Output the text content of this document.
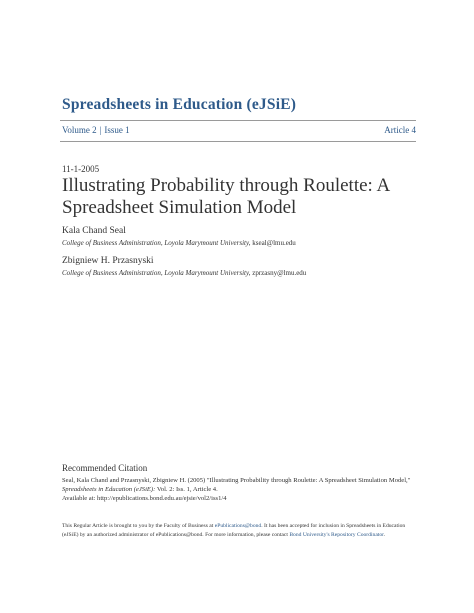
Spreadsheets in Education (eJSiE)
Volume 2 | Issue 1	Article 4
11-1-2005
Illustrating Probability through Roulette: A Spreadsheet Simulation Model
Kala Chand Seal
College of Business Administration, Loyola Marymount University, kseal@lmu.edu
Zbigniew H. Przasnyski
College of Business Administration, Loyola Marymount University, zprzasny@lmu.edu
Recommended Citation
Seal, Kala Chand and Przasnyski, Zbigniew H. (2005) "Illustrating Probability through Roulette: A Spreadsheet Simulation Model," Spreadsheets in Education (eJSiE): Vol. 2: Iss. 1, Article 4.
Available at: http://epublications.bond.edu.au/ejsie/vol2/iss1/4
This Regular Article is brought to you by the Faculty of Business at ePublications@bond. It has been accepted for inclusion in Spreadsheets in Education (eJSiE) by an authorized administrator of ePublications@bond. For more information, please contact Bond University's Repository Coordinator.
